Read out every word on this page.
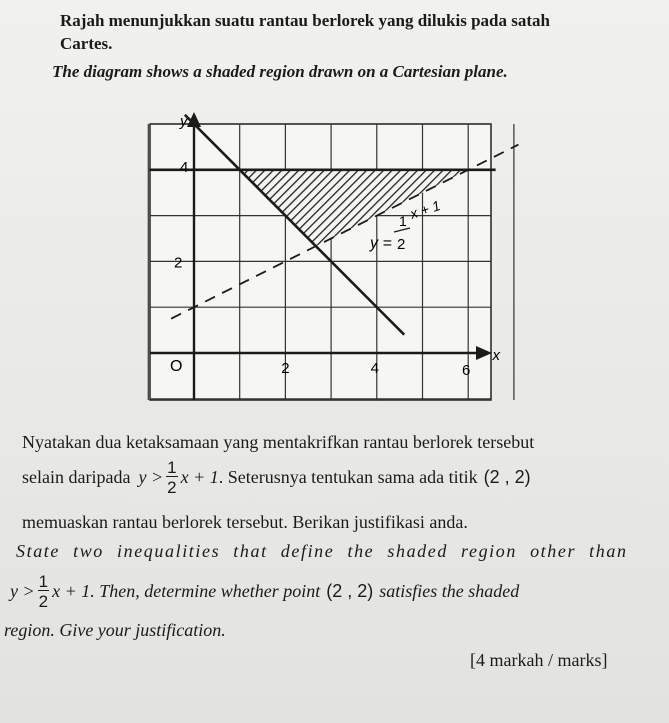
Rajah menunjukkan suatu rantau berlorek yang dilukis pada satah
Cartes.
The diagram shows a shaded region drawn on a Cartesian plane.
y
x
O
2
4
2	4	6
y =
1
2
x + 1
Nyatakan dua ketaksamaan yang mentakrifkan rantau berlorek tersebut
selain daripada $y > \frac{1}{2}$ x + 1 . Seterusnya tentukan sama ada titik (2 , 2)
memuaskan rantau berlorek tersebut. Berikan justifikasi anda.
State two inequalities that define the shaded region other than
$y > \frac{1}{2}$ x + 1 . Then, determine whether point (2 , 2) satisfies the shaded
region. Give your justification.
[4 markah / marks]
